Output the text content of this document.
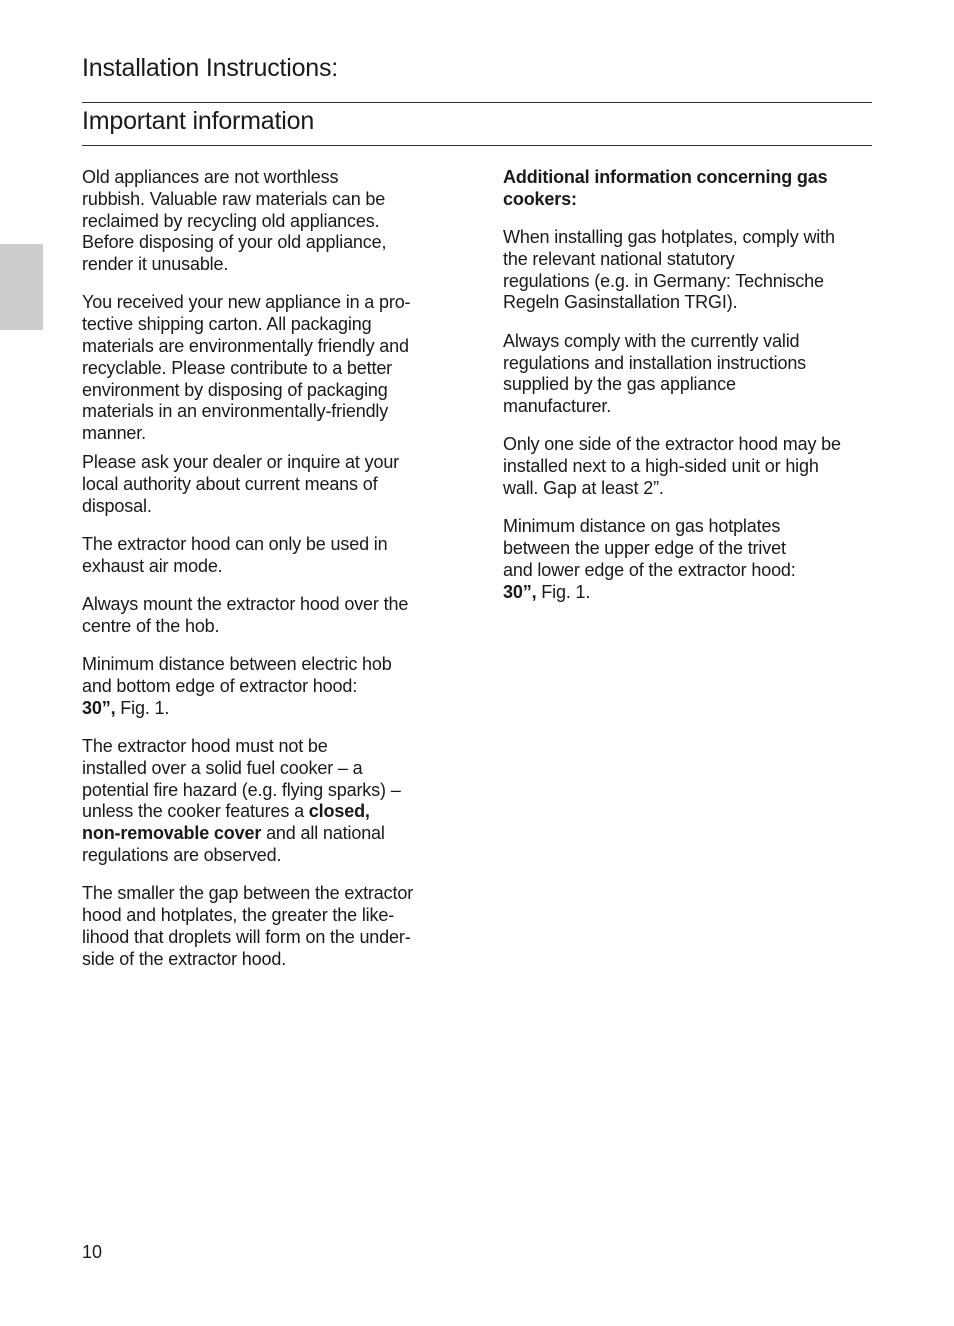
Installation Instructions:
Important information

Old appliances are not worthless
rubbish. Valuable raw materials can be
reclaimed by recycling old appliances.
Before disposing of your old appliance,
render it unusable.

You received your new appliance in a pro-
tective shipping carton. All packaging
materials are environmentally friendly and
recyclable. Please contribute to a better
environment by disposing of packaging
materials in an environmentally-friendly
manner.

Please ask your dealer or inquire at your
local authority about current means of
disposal.

The extractor hood can only be used in
exhaust air mode.

Always mount the extractor hood over the
centre of the hob.

Minimum distance between electric hob
and bottom edge of extractor hood:
30”, Fig. 1.

The extractor hood must not be
installed over a solid fuel cooker – a
potential fire hazard (e.g. flying sparks) –
unless the cooker features a closed,
non-removable cover and all national
regulations are observed.

The smaller the gap between the extractor
hood and hotplates, the greater the like-
lihood that droplets will form on the under-
side of the extractor hood.

Additional information concerning gas
cookers:

When installing gas hotplates, comply with
the relevant national statutory
regulations (e.g. in Germany: Technische
Regeln Gasinstallation TRGI).

Always comply with the currently valid
regulations and installation instructions
supplied by the gas appliance
manufacturer.

Only one side of the extractor hood may be
installed next to a high-sided unit or high
wall. Gap at least 2”.

Minimum distance on gas hotplates
between the upper edge of the trivet
and lower edge of the extractor hood:
30”, Fig. 1.

10
